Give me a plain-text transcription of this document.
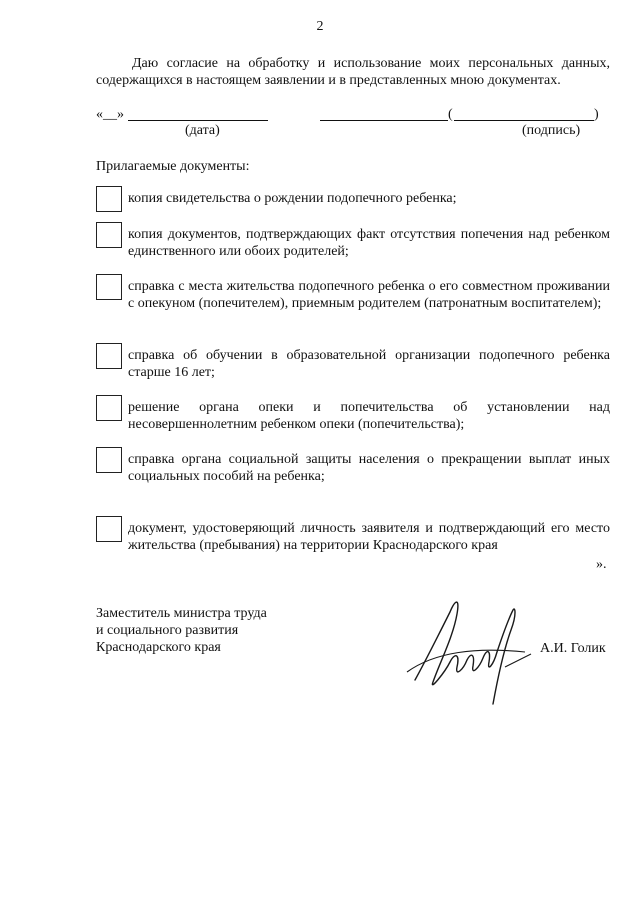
2
Даю согласие на обработку и использование моих персональных данных, содержащихся в настоящем заявлении и в представленных мною документах.
«__»
(дата)
(	)
(подпись)
Прилагаемые документы:
копия свидетельства о рождении подопечного ребенка;
копия документов, подтверждающих факт отсутствия попечения над ребенком единственного или обоих родителей;
справка с места жительства подопечного ребенка о его совместном проживании с опекуном (попечителем), приемным родителем (патронатным воспитателем);
справка об обучении в образовательной организации подопечного ребенка старше 16 лет;
решение органа опеки и попечительства об установлении над несовершеннолетним ребенком опеки (попечительства);
справка органа социальной защиты населения о прекращении выплат иных социальных пособий на ребенка;
документ, удостоверяющий личность заявителя и подтверждающий его место жительства (пребывания) на территории Краснодарского края
».
Заместитель министра труда
и социального развития
Краснодарского края	А.И. Голик
